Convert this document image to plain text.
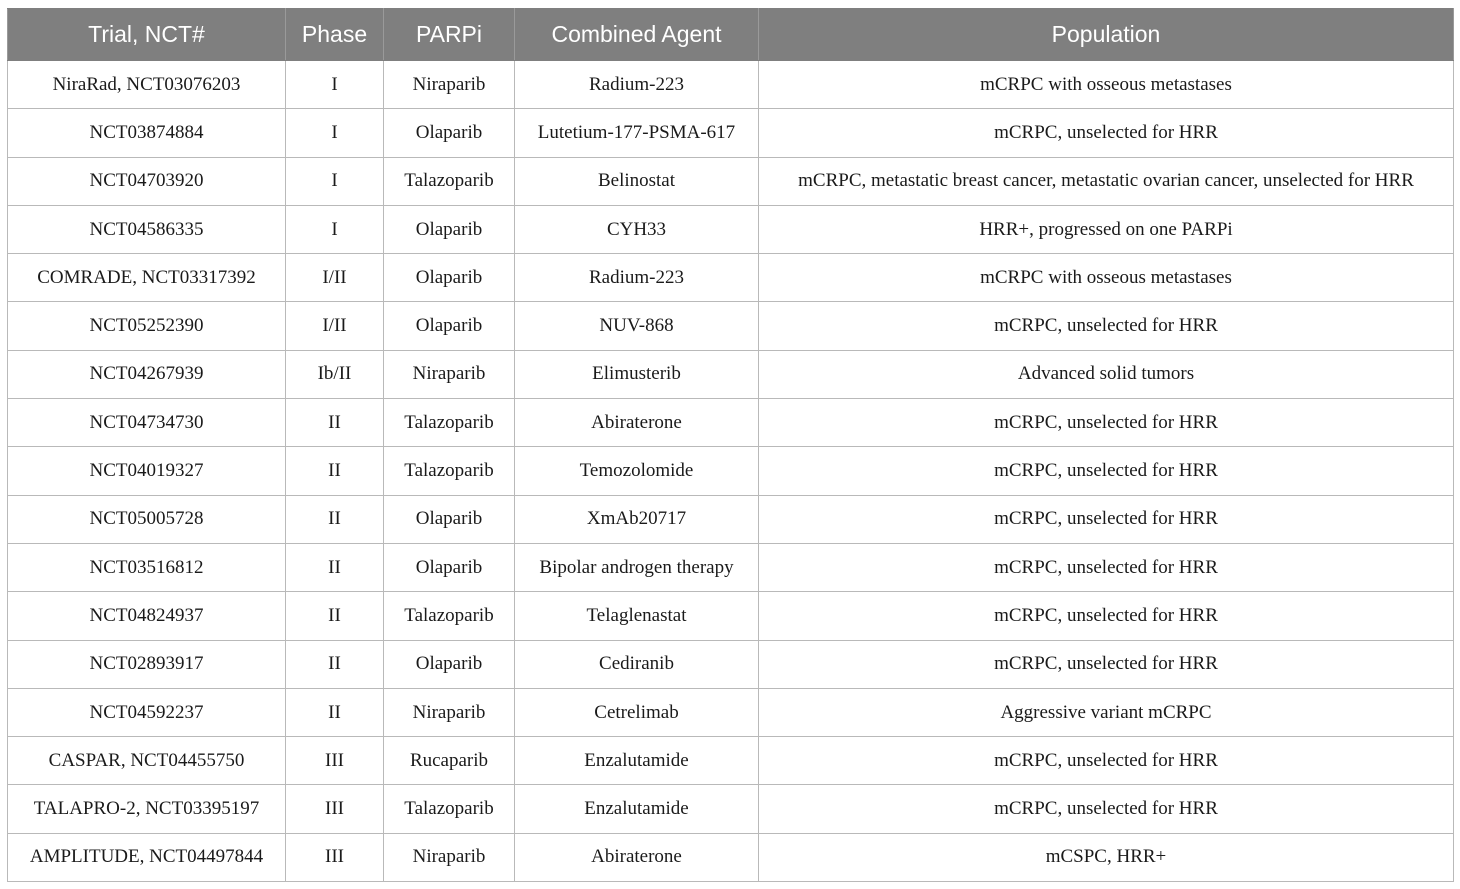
Trial, NCT#	Phase	PARPi	Combined Agent	Population
NiraRad, NCT03076203	I	Niraparib	Radium-223	mCRPC with osseous metastases
NCT03874884	I	Olaparib	Lutetium-177-PSMA-617	mCRPC, unselected for HRR
NCT04703920	I	Talazoparib	Belinostat	mCRPC, metastatic breast cancer, metastatic ovarian cancer, unselected for HRR
NCT04586335	I	Olaparib	CYH33	HRR+, progressed on one PARPi
COMRADE, NCT03317392	I/II	Olaparib	Radium-223	mCRPC with osseous metastases
NCT05252390	I/II	Olaparib	NUV-868	mCRPC, unselected for HRR
NCT04267939	Ib/II	Niraparib	Elimusterib	Advanced solid tumors
NCT04734730	II	Talazoparib	Abiraterone	mCRPC, unselected for HRR
NCT04019327	II	Talazoparib	Temozolomide	mCRPC, unselected for HRR
NCT05005728	II	Olaparib	XmAb20717	mCRPC, unselected for HRR
NCT03516812	II	Olaparib	Bipolar androgen therapy	mCRPC, unselected for HRR
NCT04824937	II	Talazoparib	Telaglenastat	mCRPC, unselected for HRR
NCT02893917	II	Olaparib	Cediranib	mCRPC, unselected for HRR
NCT04592237	II	Niraparib	Cetrelimab	Aggressive variant mCRPC
CASPAR, NCT04455750	III	Rucaparib	Enzalutamide	mCRPC, unselected for HRR
TALAPRO-2, NCT03395197	III	Talazoparib	Enzalutamide	mCRPC, unselected for HRR
AMPLITUDE, NCT04497844	III	Niraparib	Abiraterone	mCSPC, HRR+
